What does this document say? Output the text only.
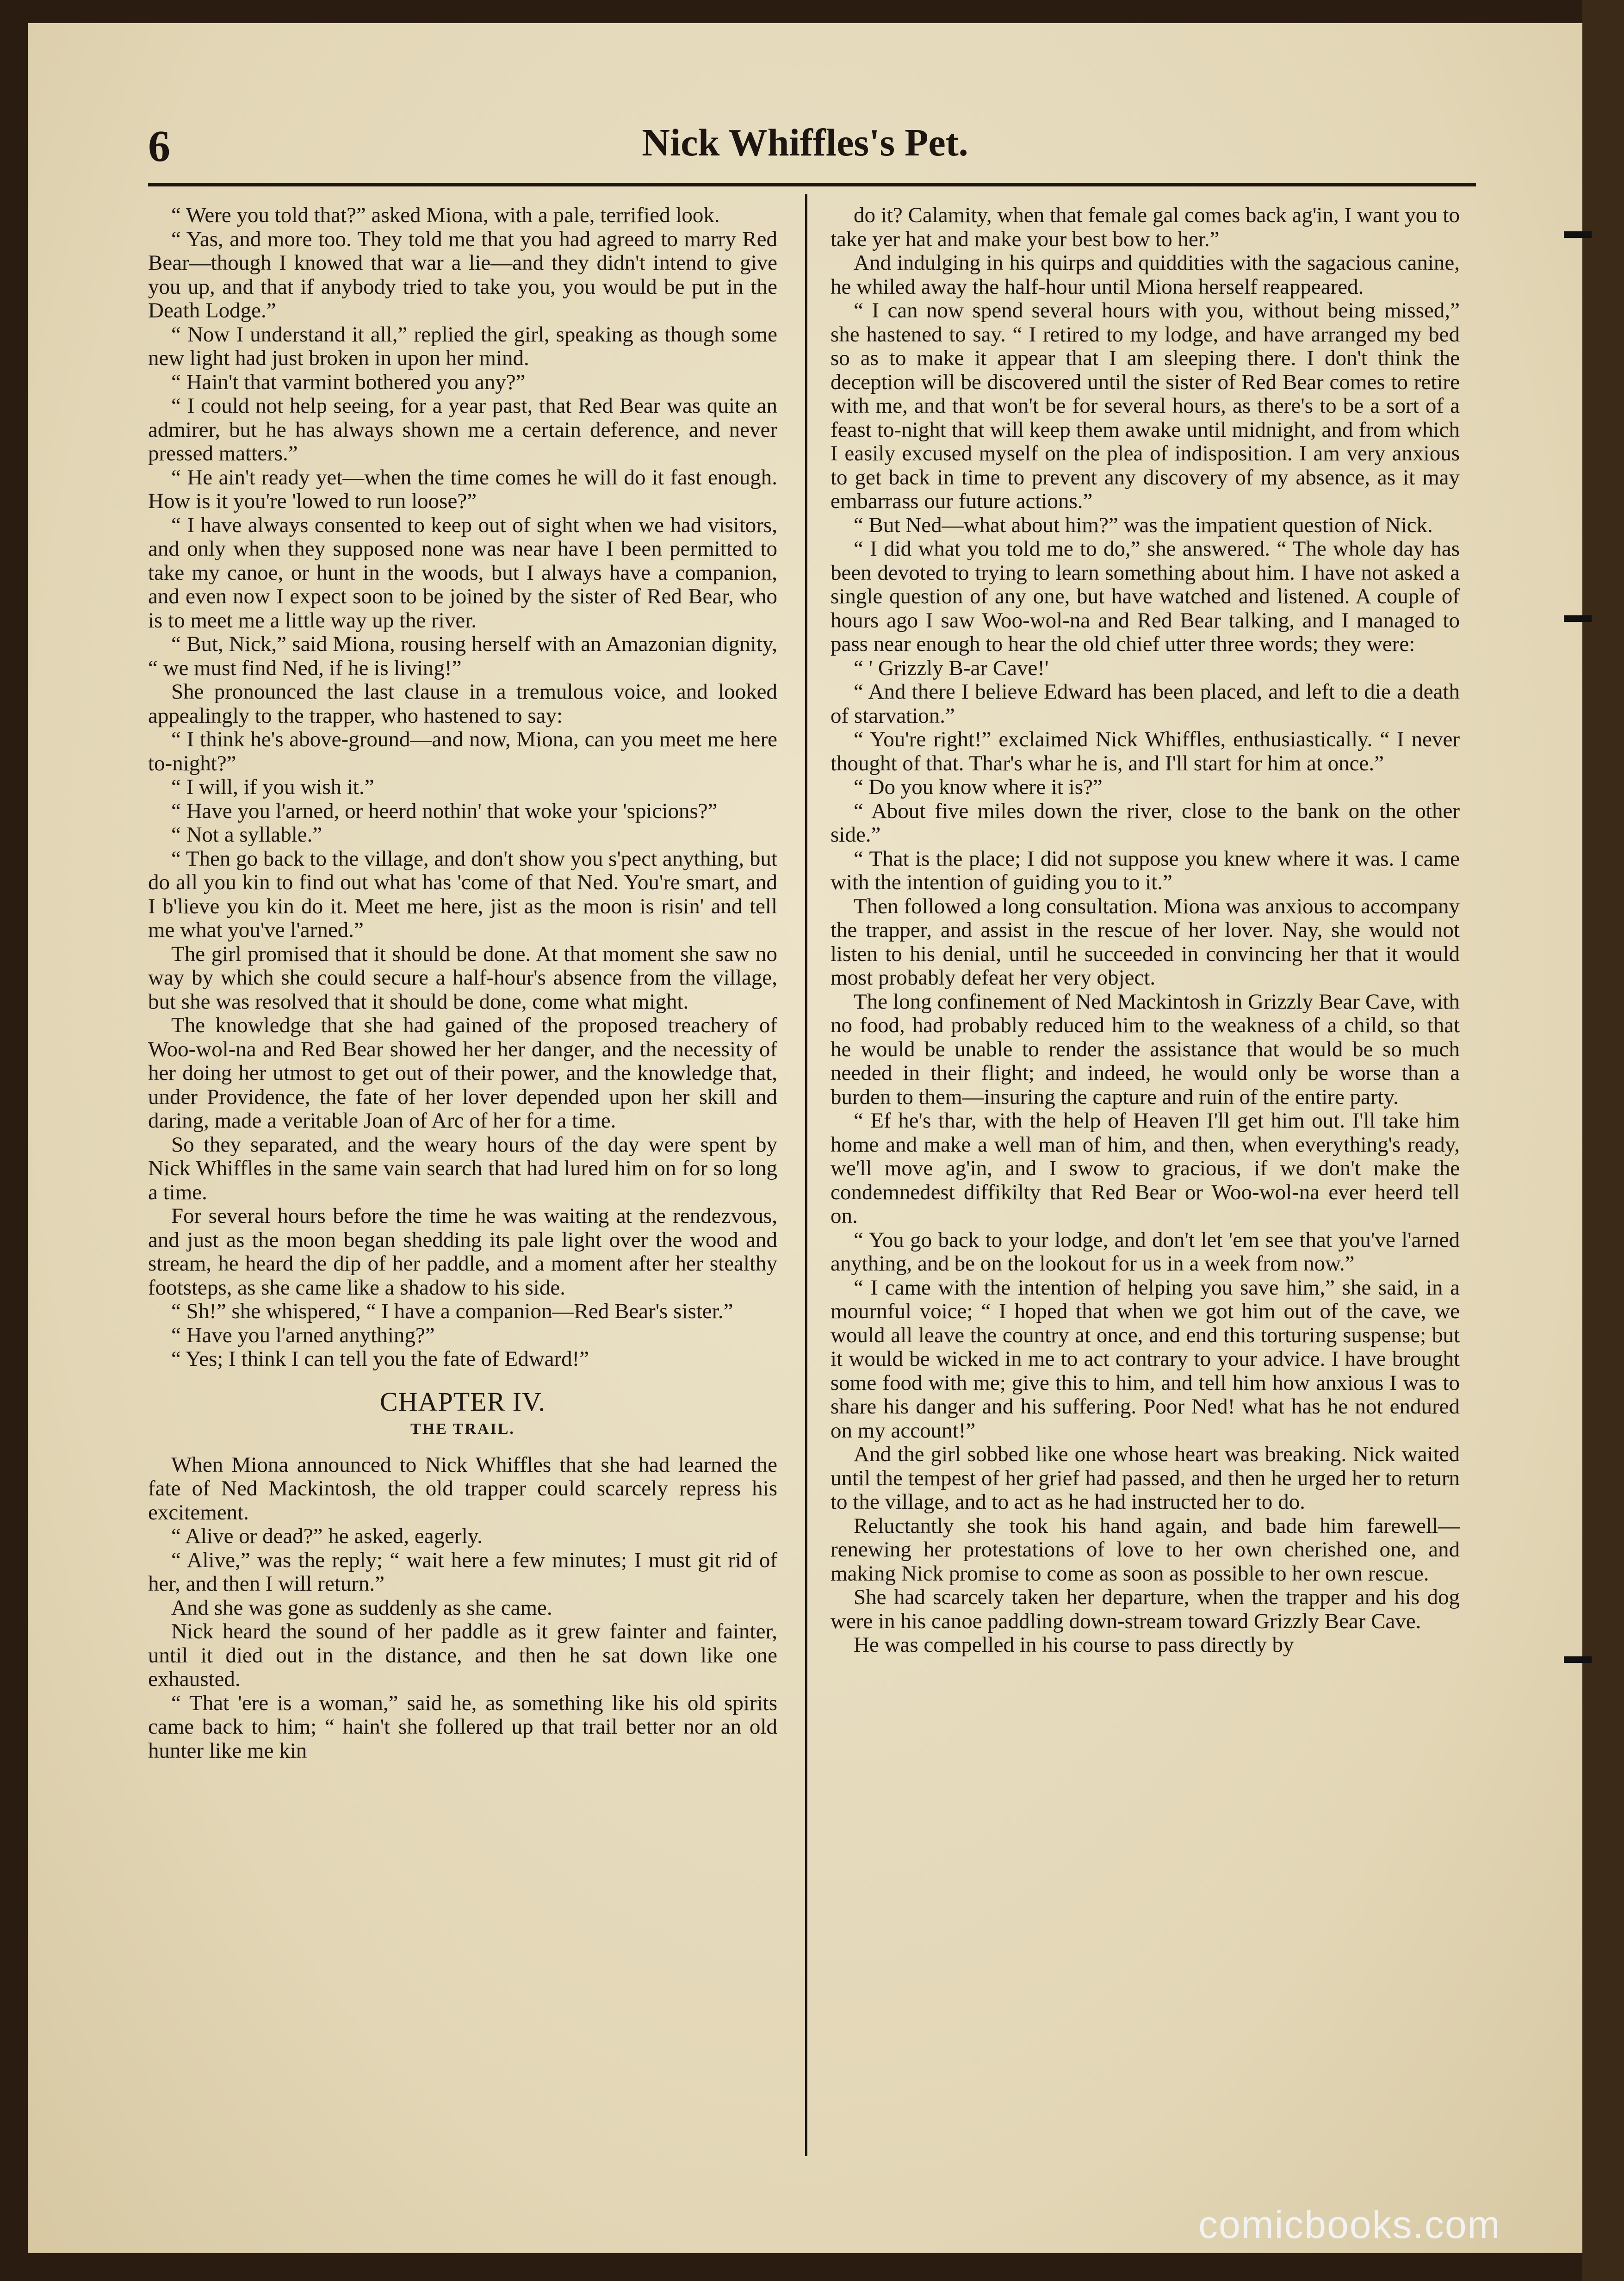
6	Nick Whiffles's Pet.

“ Were you told that?” asked Miona, with a pale, terrified look.

“ Yas, and more too. They told me that you had agreed to marry Red Bear—though I knowed that war a lie—and they didn't intend to give you up, and that if anybody tried to take you, you would be put in the Death Lodge.”

“ Now I understand it all,” replied the girl, speaking as though some new light had just broken in upon her mind.

“ Hain't that varmint bothered you any?”

“ I could not help seeing, for a year past, that Red Bear was quite an admirer, but he has always shown me a certain deference, and never pressed matters.”

“ He ain't ready yet—when the time comes he will do it fast enough. How is it you're 'lowed to run loose?”

“ I have always consented to keep out of sight when we had visitors, and only when they supposed none was near have I been permitted to take my canoe, or hunt in the woods, but I always have a companion, and even now I expect soon to be joined by the sister of Red Bear, who is to meet me a little way up the river.

“ But, Nick,” said Miona, rousing herself with an Amazonian dignity, “ we must find Ned, if he is living!”

She pronounced the last clause in a tremulous voice, and looked appealingly to the trapper, who hastened to say:

“ I think he's above-ground—and now, Miona, can you meet me here to-night?”

“ I will, if you wish it.”

“ Have you l'arned, or heerd nothin' that woke your 'spicions?”

“ Not a syllable.”

“ Then go back to the village, and don't show you s'pect anything, but do all you kin to find out what has 'come of that Ned. You're smart, and I b'lieve you kin do it. Meet me here, jist as the moon is risin' and tell me what you've l'arned.”

The girl promised that it should be done. At that moment she saw no way by which she could secure a half-hour's absence from the village, but she was resolved that it should be done, come what might.

The knowledge that she had gained of the proposed treachery of Woo-wol-na and Red Bear showed her her danger, and the necessity of her doing her utmost to get out of their power, and the knowledge that, under Providence, the fate of her lover depended upon her skill and daring, made a veritable Joan of Arc of her for a time.

So they separated, and the weary hours of the day were spent by Nick Whiffles in the same vain search that had lured him on for so long a time.

For several hours before the time he was waiting at the rendezvous, and just as the moon began shedding its pale light over the wood and stream, he heard the dip of her paddle, and a moment after her stealthy footsteps, as she came like a shadow to his side.

“ Sh!” she whispered, “ I have a companion—Red Bear's sister.”

“ Have you l'arned anything?”

“ Yes; I think I can tell you the fate of Edward!”

CHAPTER IV.
THE TRAIL.

When Miona announced to Nick Whiffles that she had learned the fate of Ned Mackintosh, the old trapper could scarcely repress his excitement.

“ Alive or dead?” he asked, eagerly.

“ Alive,” was the reply; “ wait here a few minutes; I must git rid of her, and then I will return.”

And she was gone as suddenly as she came.

Nick heard the sound of her paddle as it grew fainter and fainter, until it died out in the distance, and then he sat down like one exhausted.

“ That 'ere is a woman,” said he, as something like his old spirits came back to him; “ hain't she follered up that trail better nor an old hunter like me kin

do it? Calamity, when that female gal comes back ag'in, I want you to take yer hat and make your best bow to her.”

And indulging in his quirps and quiddities with the sagacious canine, he whiled away the half-hour until Miona herself reappeared.

“ I can now spend several hours with you, without being missed,” she hastened to say. “ I retired to my lodge, and have arranged my bed so as to make it appear that I am sleeping there. I don't think the deception will be discovered until the sister of Red Bear comes to retire with me, and that won't be for several hours, as there's to be a sort of a feast to-night that will keep them awake until midnight, and from which I easily excused myself on the plea of indisposition. I am very anxious to get back in time to prevent any discovery of my absence, as it may embarrass our future actions.”

“ But Ned—what about him?” was the impatient question of Nick.

“ I did what you told me to do,” she answered. “ The whole day has been devoted to trying to learn something about him. I have not asked a single question of any one, but have watched and listened. A couple of hours ago I saw Woo-wol-na and Red Bear talking, and I managed to pass near enough to hear the old chief utter three words; they were:

“ ' Grizzly B-ar Cave!'

“ And there I believe Edward has been placed, and left to die a death of starvation.”

“ You're right!” exclaimed Nick Whiffles, enthusiastically. “ I never thought of that. Thar's whar he is, and I'll start for him at once.”

“ Do you know where it is?”

“ About five miles down the river, close to the bank on the other side.”

“ That is the place; I did not suppose you knew where it was. I came with the intention of guiding you to it.”

Then followed a long consultation. Miona was anxious to accompany the trapper, and assist in the rescue of her lover. Nay, she would not listen to his denial, until he succeeded in convincing her that it would most probably defeat her very object.

The long confinement of Ned Mackintosh in Grizzly Bear Cave, with no food, had probably reduced him to the weakness of a child, so that he would be unable to render the assistance that would be so much needed in their flight; and indeed, he would only be worse than a burden to them—insuring the capture and ruin of the entire party.

“ Ef he's thar, with the help of Heaven I'll get him out. I'll take him home and make a well man of him, and then, when everything's ready, we'll move ag'in, and I swow to gracious, if we don't make the condemnedest diffikilty that Red Bear or Woo-wol-na ever heerd tell on.

“ You go back to your lodge, and don't let 'em see that you've l'arned anything, and be on the lookout for us in a week from now.”

“ I came with the intention of helping you save him,” she said, in a mournful voice; “ I hoped that when we got him out of the cave, we would all leave the country at once, and end this torturing suspense; but it would be wicked in me to act contrary to your advice. I have brought some food with me; give this to him, and tell him how anxious I was to share his danger and his suffering. Poor Ned! what has he not endured on my account!”

And the girl sobbed like one whose heart was breaking. Nick waited until the tempest of her grief had passed, and then he urged her to return to the village, and to act as he had instructed her to do.

Reluctantly she took his hand again, and bade him farewell—renewing her protestations of love to her own cherished one, and making Nick promise to come as soon as possible to her own rescue.

She had scarcely taken her departure, when the trapper and his dog were in his canoe paddling down-stream toward Grizzly Bear Cave.

He was compelled in his course to pass directly by

comicbooks.com
